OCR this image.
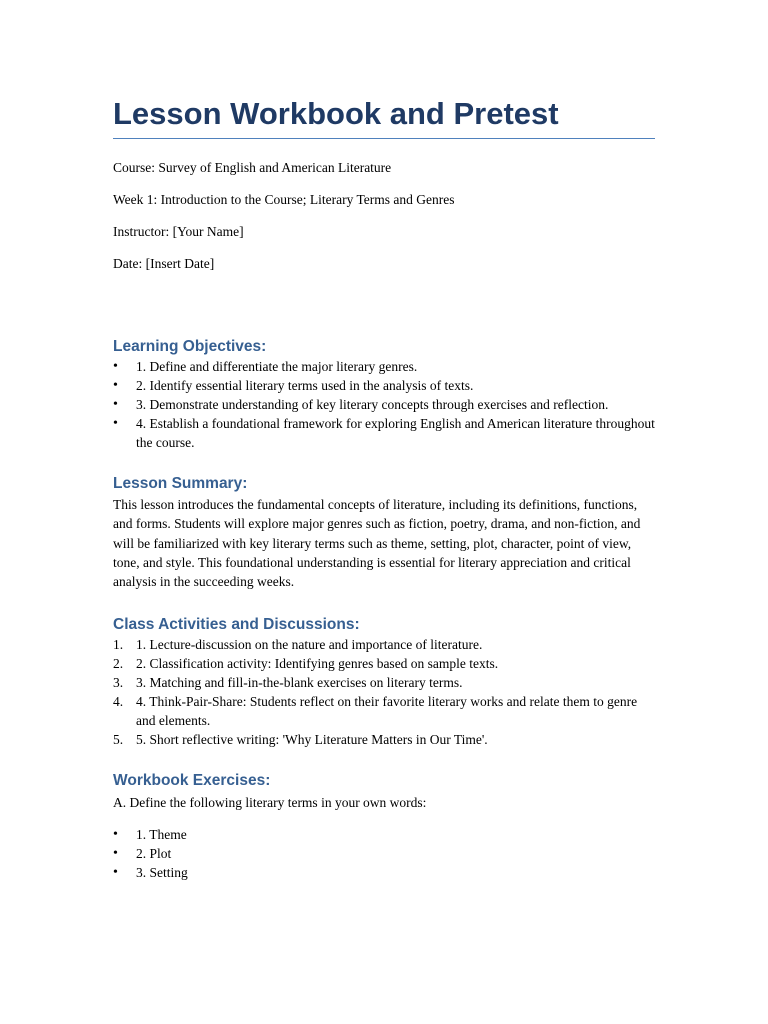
Lesson Workbook and Pretest

Course: Survey of English and American Literature

Week 1: Introduction to the Course; Literary Terms and Genres

Instructor: [Your Name]

Date: [Insert Date]

Learning Objectives:
• 1. Define and differentiate the major literary genres.
• 2. Identify essential literary terms used in the analysis of texts.
• 3. Demonstrate understanding of key literary concepts through exercises and reflection.
• 4. Establish a foundational framework for exploring English and American literature throughout the course.
Lesson Summary:

This lesson introduces the fundamental concepts of literature, including its definitions, functions, and forms. Students will explore major genres such as fiction, poetry, drama, and non-fiction, and will be familiarized with key literary terms such as theme, setting, plot, character, point of view, tone, and style. This foundational understanding is essential for literary appreciation and critical analysis in the succeeding weeks.

Class Activities and Discussions:
1. 1. Lecture-discussion on the nature and importance of literature.
2. 2. Classification activity: Identifying genres based on sample texts.
3. 3. Matching and fill-in-the-blank exercises on literary terms.
4. 4. Think-Pair-Share: Students reflect on their favorite literary works and relate them to genre and elements.
5. 5. Short reflective writing: 'Why Literature Matters in Our Time'.
Workbook Exercises:

A. Define the following literary terms in your own words:

• 1. Theme
• 2. Plot
• 3. Setting
